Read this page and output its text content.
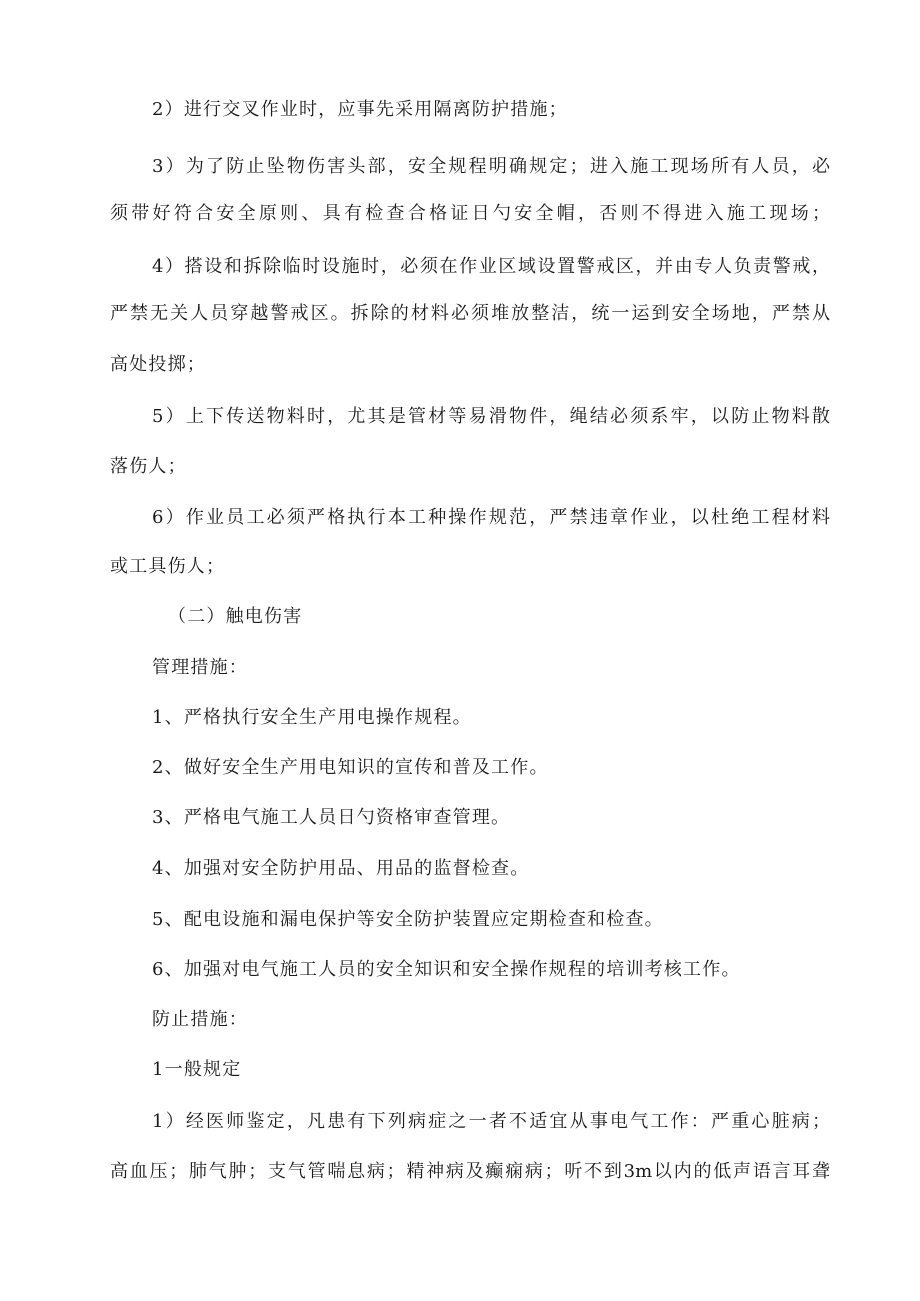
2）进行交叉作业时，应事先采用隔离防护措施；
3）为了防止坠物伤害头部，安全规程明确规定；进入施工现场所有人员，必
须带好符合安全原则、具有检查合格证日勺安全帽，否则不得进入施工现场；
4）搭设和拆除临时设施时，必须在作业区域设置警戒区，并由专人负责警戒，
严禁无关人员穿越警戒区。拆除的材料必须堆放整洁，统一运到安全场地，严禁从
高处投掷；
5）上下传送物料时，尤其是管材等易滑物件，绳结必须系牢，以防止物料散
落伤人；
6）作业员工必须严格执行本工种操作规范，严禁违章作业，以杜绝工程材料
或工具伤人；
（二）触电伤害
管理措施：
1、严格执行安全生产用电操作规程。
2、做好安全生产用电知识的宣传和普及工作。
3、严格电气施工人员日勺资格审查管理。
4、加强对安全防护用品、用品的监督检查。
5、配电设施和漏电保护等安全防护装置应定期检查和检查。
6、加强对电气施工人员的安全知识和安全操作规程的培训考核工作。
防止措施：
1一般规定
1）经医师鉴定，凡患有下列病症之一者不适宜从事电气工作：严重心脏病；
高血压；肺气肿；支气管喘息病；精神病及癫痫病；听不到3m以内的低声语言耳聋
